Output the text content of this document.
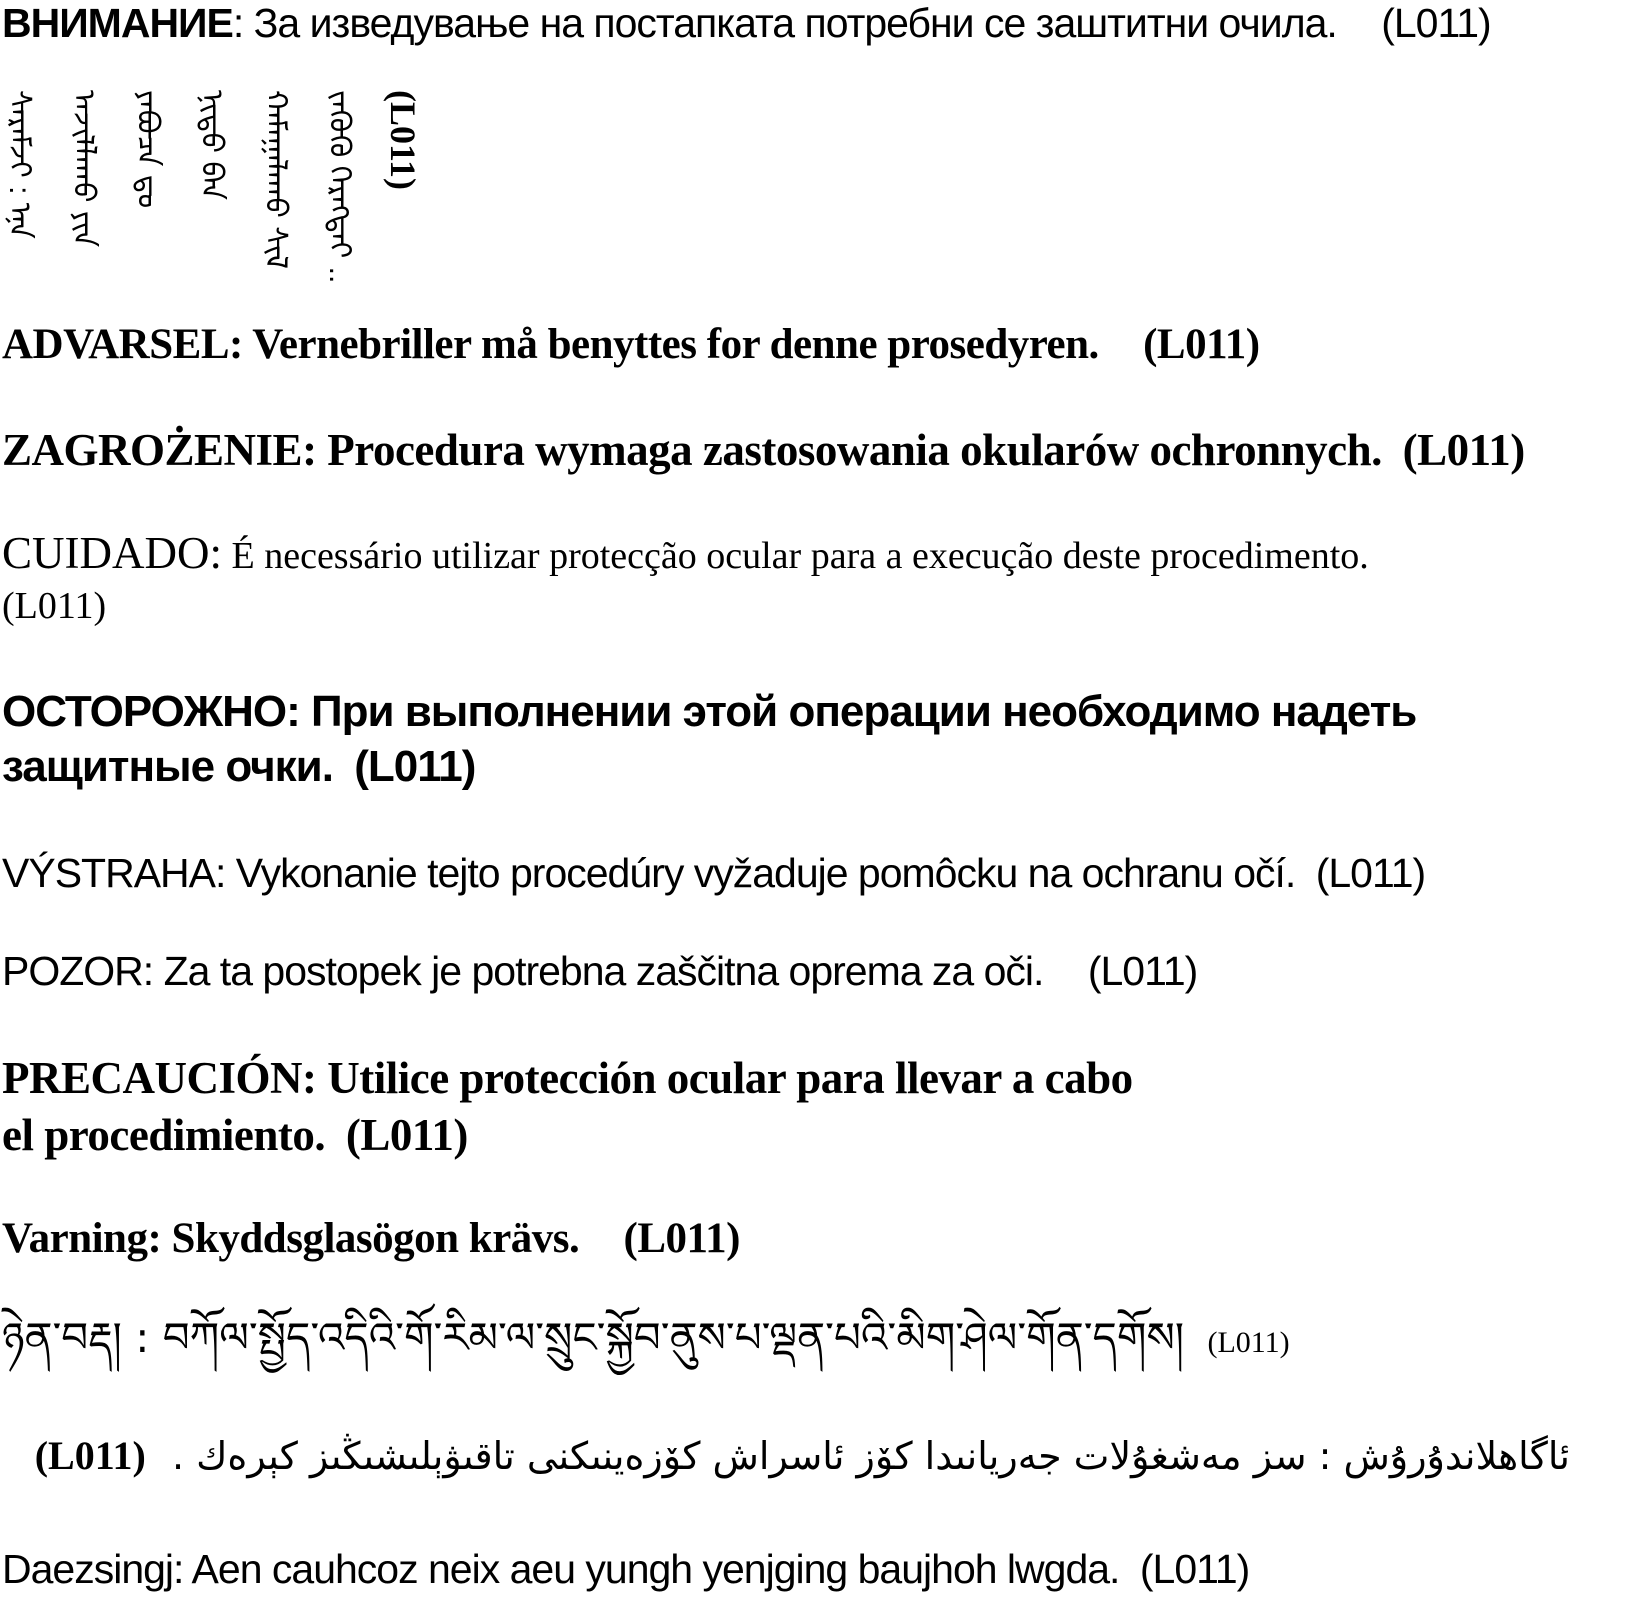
ВНИМАНИЕ: За изведување на постапката потребни се заштитни очила. (L011)
ᠰᠡᠷᠡᠮᠵᠢ : ᠡᠨᠡ ᠠᠵᠢᠯᠯᠠᠬᠤ ᠶᠢᠨ ᠶᠠᠪᠤᠴᠠ ᠳᠤ ᠨᠢᠳᠦ ᠪᠡᠨ ᠬᠠᠮᠠᠭᠠᠯᠠᠬᠤ ᠰᠢᠯ ᠵᠡᠭᠦᠬᠦ ᠬᠡᠷᠡᠭᠲᠡᠢ .. (L011)
ADVARSEL: Vernebriller må benyttes for denne prosedyren. (L011)
ZAGROŻENIE: Procedura wymaga zastosowania okularów ochronnych. (L011)
CUIDADO: É necessário utilizar protecção ocular para a execução deste procedimento.
(L011)
ОСТОРОЖНО: При выполнении этой операции необходимо надеть
защитные очки. (L011)
VÝSTRAHA: Vykonanie tejto procedúry vyžaduje pomôcku na ochranu očí. (L011)
POZOR: Za ta postopek je potrebna zaščitna oprema za oči. (L011)
PRECAUCIÓN: Utilice protección ocular para llevar a cabo
el procedimiento. (L011)
Varning: Skyddsglasögon krävs. (L011)
ཉེན་བརྡ། : བཀོལ་སྤྱོད་འདིའི་གོ་རིམ་ལ་སྲུང་སྐྱོབ་ནུས་པ་ལྡན་པའི་མིག་ཤེལ་གོན་དགོས། (L011)
ئاگاھلاندۇرۇش : سز مەشغۇلات جەريانىدا كۆز ئاسراش كۆزەينىكنى تاقىۋېلىشىڭىز كېرەك . (L011)
Daezsingj: Aen cauhcoz neix aeu yungh yenjging baujhoh lwgda. (L011)
